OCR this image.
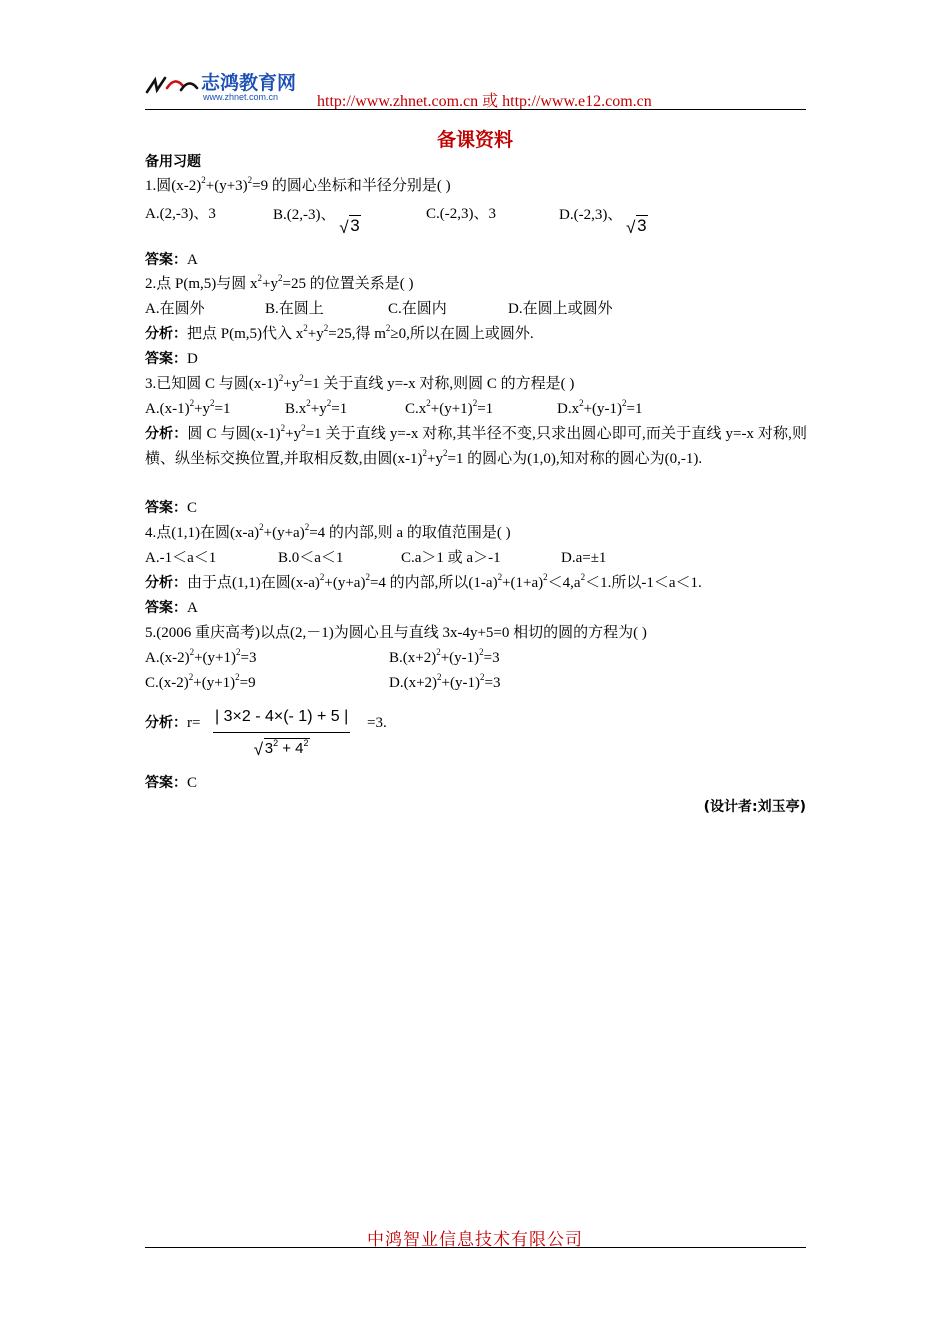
志鸿教育网
www.zhnet.com.cn http://www.zhnet.com.cn 或 http://www.e12.com.cn
备课资料
备用习题
1.圆$(x-2)^2+(y+3)^2=9$ 的圆心坐标和半径分别是( )
A.(2,-3)、3	B.(2,-3)、
√ 3
C.(-2,3)、3	D.(-2,3)、
√ 3
答案：A
2.点 P(m,5)与圆 $x^2+y^2=25$ 的位置关系是( )
A.在圆外	B.在圆上	C.在圆内	D.在圆上或圆外
分析：把点 P(m,5)代入 $x^2+y^2=25$,得 $m^2\ge 0$,所以在圆上或圆外.
答案：D
3.已知圆 C 与圆$(x-1)^2+y^2=1$ 关于直线 y=-x 对称,则圆 C 的方程是( )
$A.(x-1)^2+y^2=1$	$B.x^2+y^2=1$	$C.x^2+(y+1)^2=1$	$D.x^2+(y-1)^2=1$
分析：圆 C 与圆$(x-1)^2+y^2=1$ 关于直线 y=-x 对称,其半径不变,只求出圆心即可,而关于直线 y=-x 对称,则横、纵坐标交换位置,并取相反数,由圆$(x-1)^2+y^2=1$ 的圆心为(1,0),知对称的圆心为(0,-1).
答案：C
4.点(1,1)在圆$(x-a)^2+(y+a)^2=4$ 的内部,则 a 的取值范围是( )
A.-1＜a＜1	B.0＜a＜1	C.a＞1 或 a＞-1	D.a=±1
分析：由于点(1,1)在圆$(x-a)^2+(y+a)^2=4$ 的内部,所以$(1-a)^2+(1+a)^2<4,a^2<1$.所以-1＜a＜1.
答案：A
5.(2006 重庆高考)以点(2,－1)为圆心且与直线 3x-4y+5=0 相切的圆的方程为( )
$A.(x-2)^2+(y+1)^2=3$	$B.(x+2)^2+(y-1)^2=3$
$C.(x-2)^2+(y+1)^2=9$	$D.(x+2)^2+(y-1)^2=3$
分析：r= | 3×2 - 4×(- 1) + 5 |
√ $3^2 + 4^2$
=3.
答案：C
(设计者:刘玉亭)
中鸿智业信息技术有限公司
